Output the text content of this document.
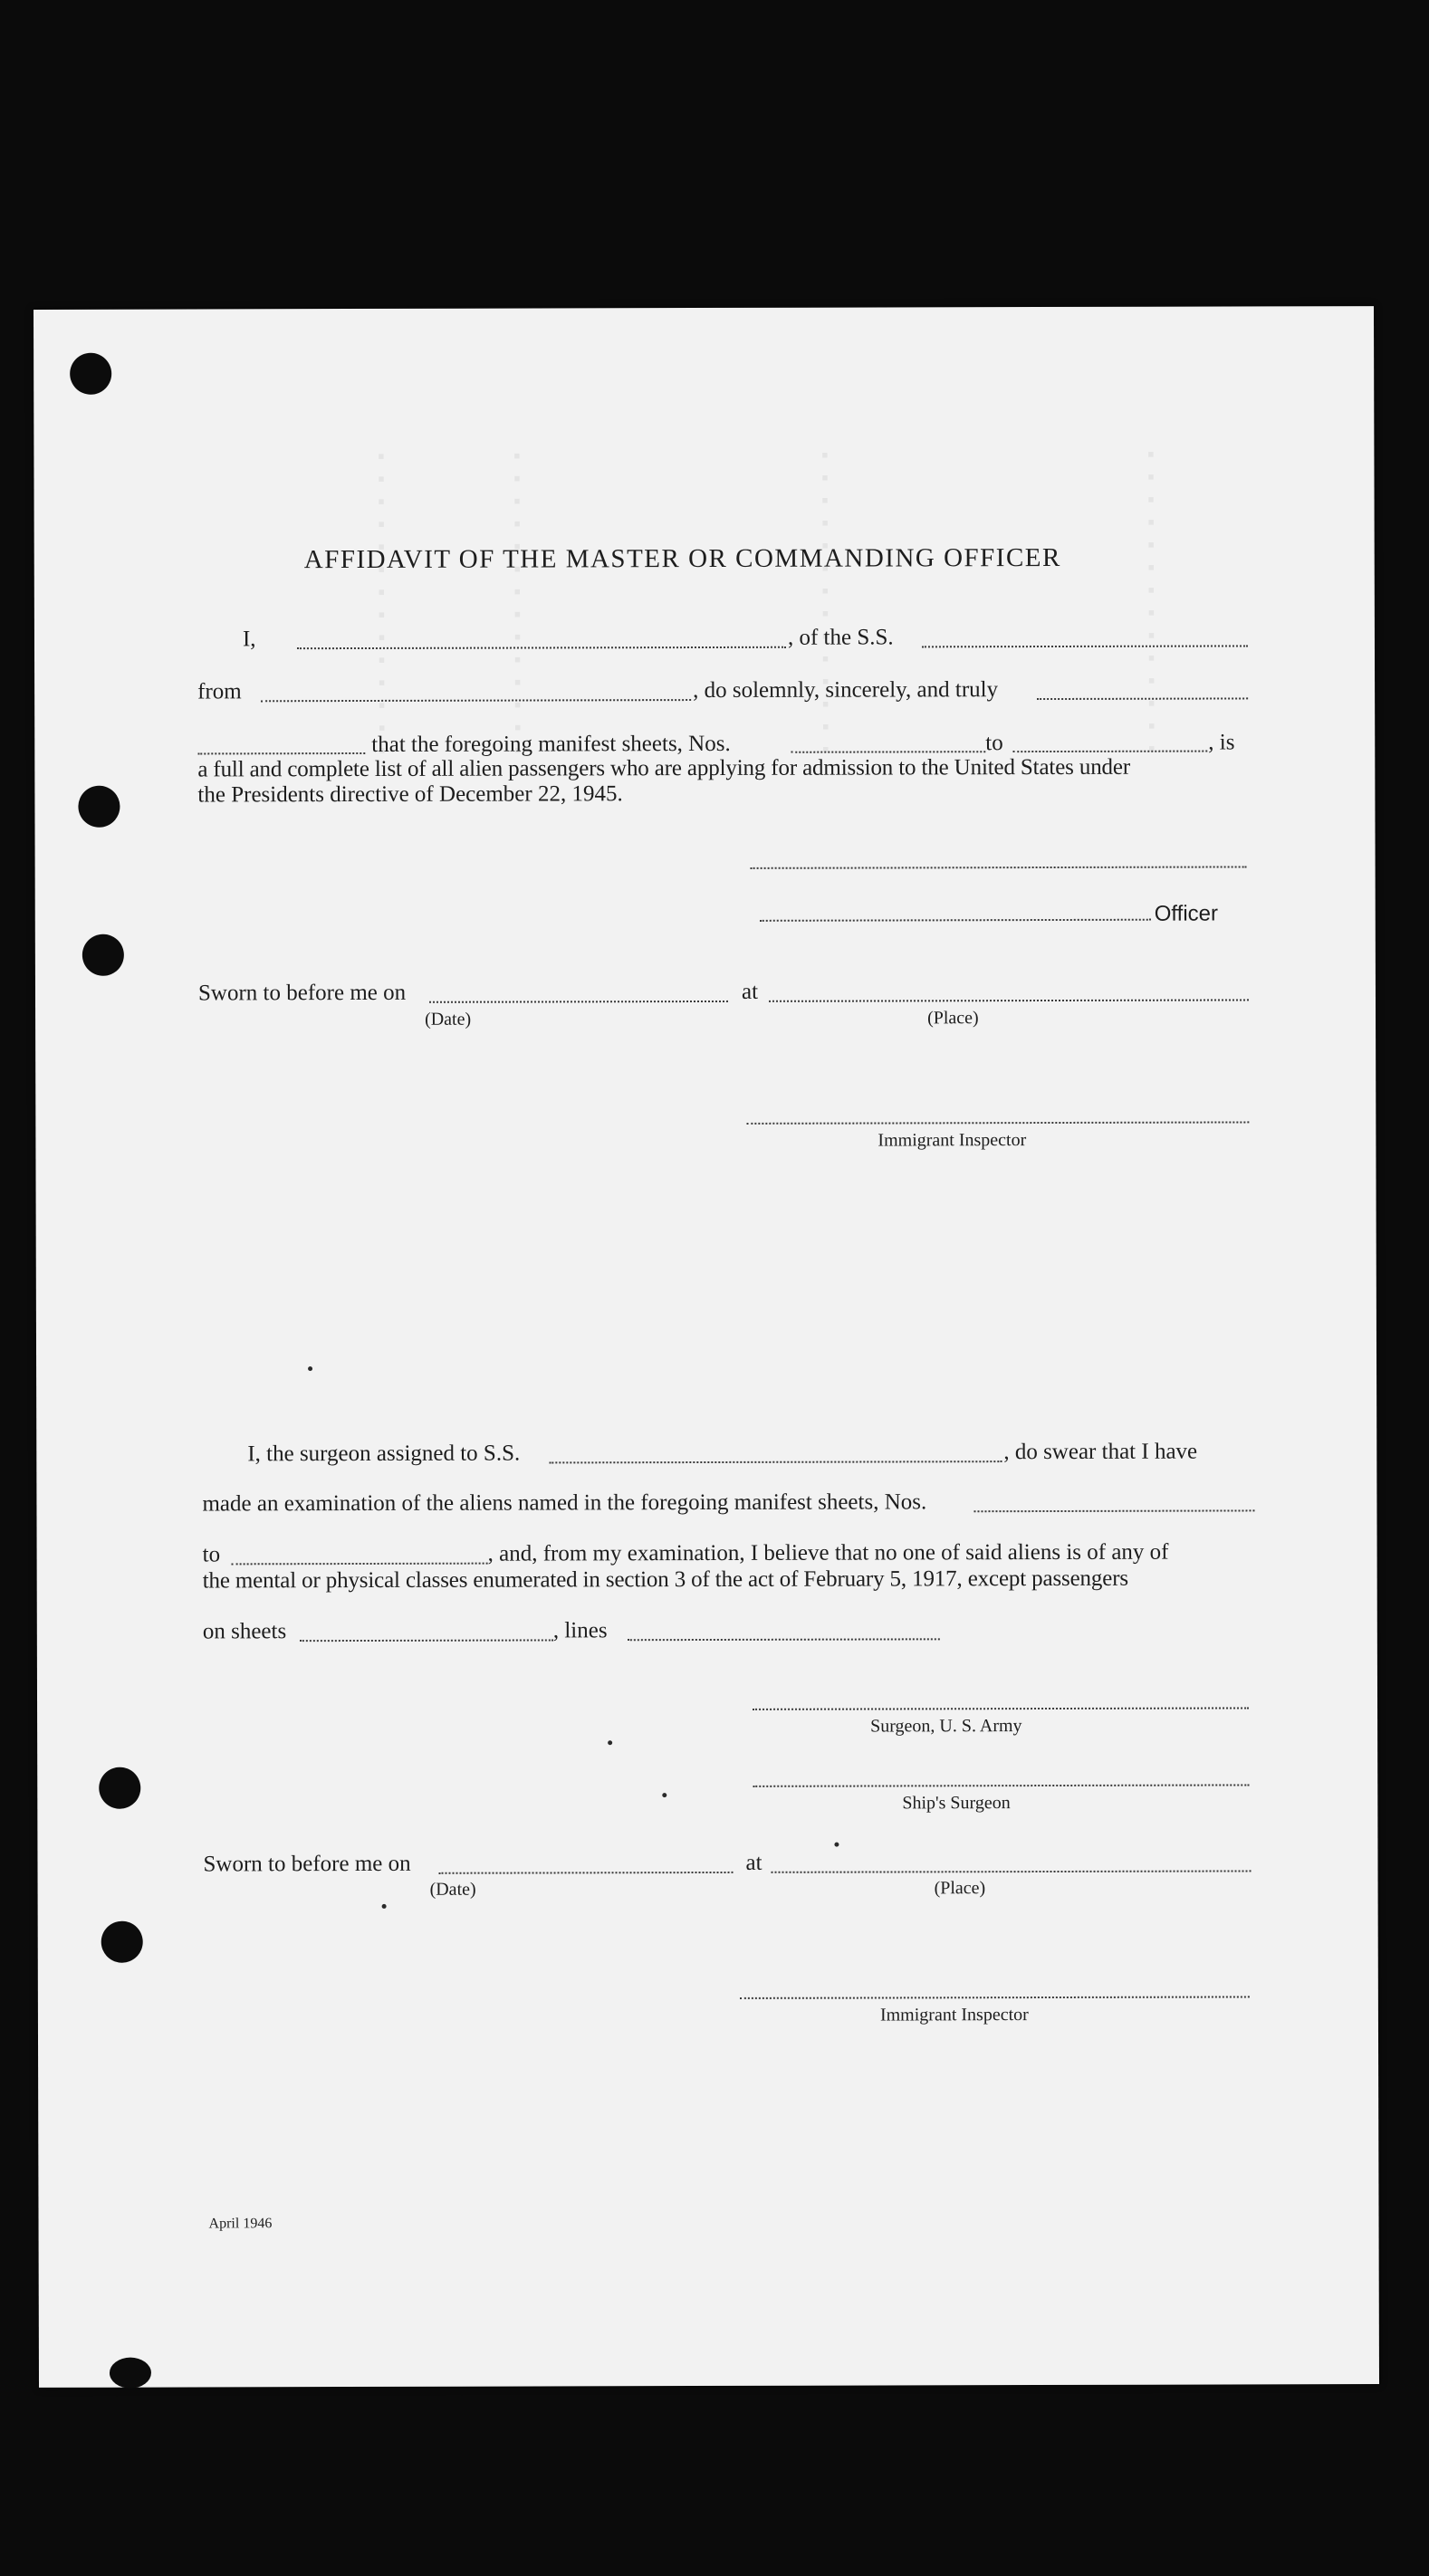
▪▪▪▪▪▪▪▪▪▪▪▪▪▪	▪▪▪▪▪▪▪▪▪▪▪▪▪▪	▪▪▪▪▪▪▪▪▪▪▪▪▪▪	▪▪▪▪▪▪▪▪▪▪▪▪▪▪
AFFIDAVIT OF THE MASTER OR COMMANDING OFFICER
I,	, of the S.S.
from	, do solemnly, sincerely, and truly
that the foregoing manifest sheets, Nos.	to	, is
a full and complete list of all alien passengers who are applying for admission to the United States under
the Presidents directive of December 22, 1945.
Officer
Sworn to before me on	at
(Date)	(Place)
Immigrant Inspector
I, the surgeon assigned to S.S.	, do swear that I have
made an examination of the aliens named in the foregoing manifest sheets, Nos.
to	, and, from my examination, I believe that no one of said aliens is of any of
the mental or physical classes enumerated in section 3 of the act of February 5, 1917, except passengers
on sheets	, lines
Surgeon, U. S. Army
Ship's Surgeon
Sworn to before me on	at
(Date)	(Place)
Immigrant Inspector
April 1946
